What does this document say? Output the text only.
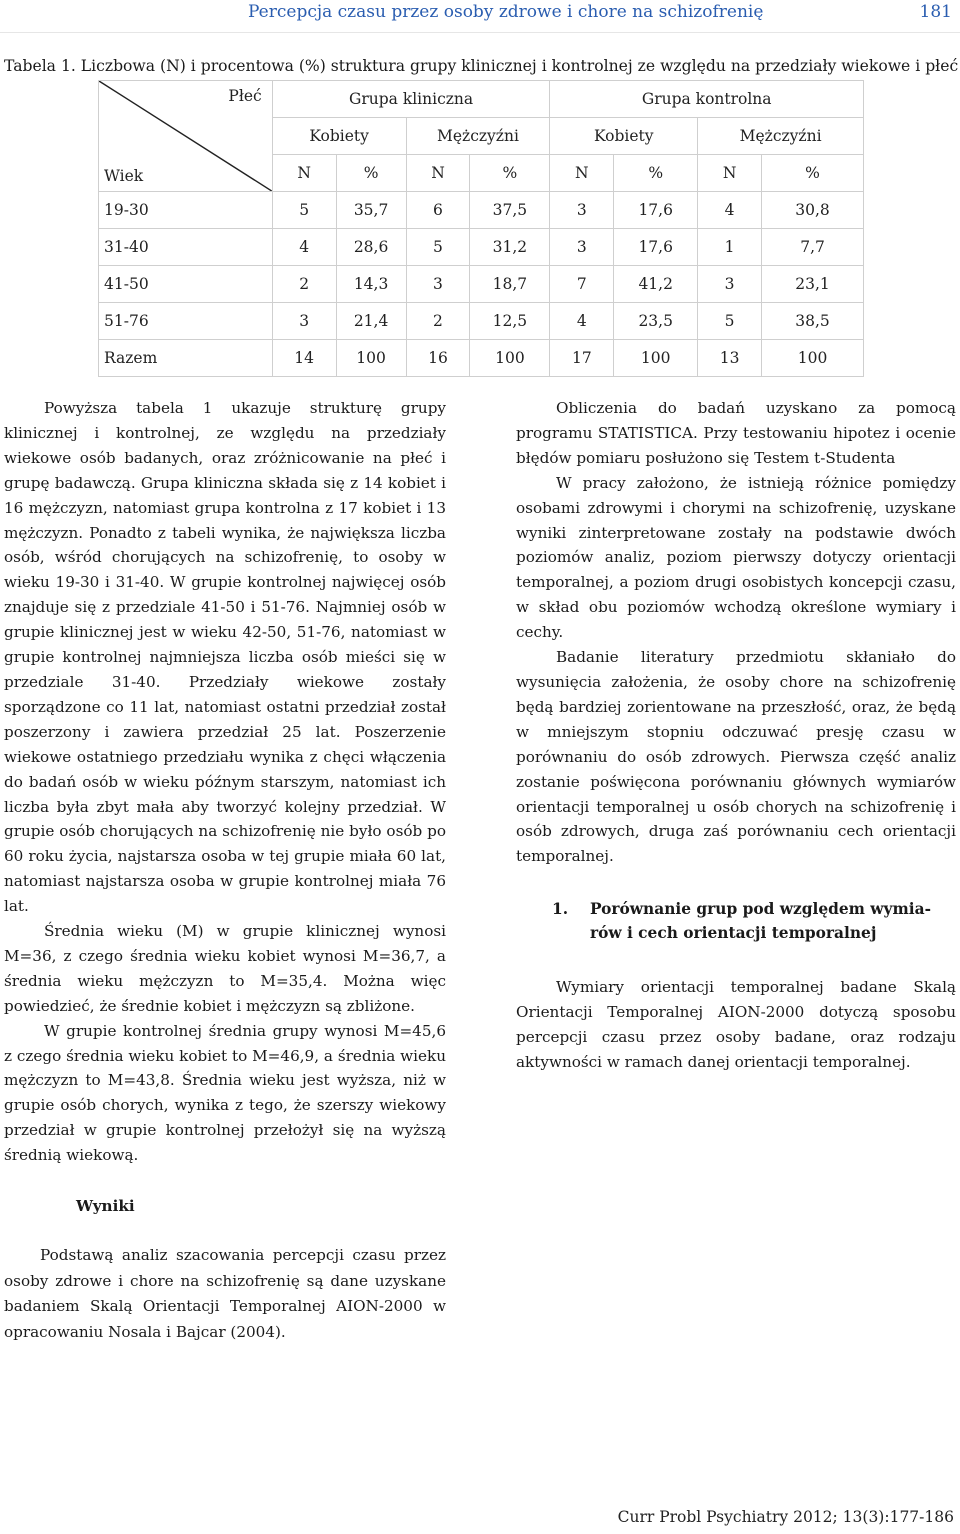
Percepcja czasu przez osoby zdrowe i chore na schizofrenię	181
Tabela 1. Liczbowa (N) i procentowa (%) struktura grupy klinicznej i kontrolnej ze względu na przedziały wiekowe i płeć
Płeć
Wiek	Grupa kliniczna				Grupa kontrolna			
	Kobiety		Mężczyźni		Kobiety		Mężczyźni	
	N	%	N	%	N	%	N	%
19-30	5	35,7	6	37,5	3	17,6	4	30,8
31-40	4	28,6	5	31,2	3	17,6	1	7,7
41-50	2	14,3	3	18,7	7	41,2	3	23,1
51-76	3	21,4	2	12,5	4	23,5	5	38,5
Razem	14	100	16	100	17	100	13	100

Powyższa tabela 1 ukazuje strukturę grupy klinicznej i kontrolnej, ze względu na przedziały wiekowe osób badanych, oraz zróżnicowanie na płeć i grupę badawczą. Grupa kliniczna składa się z 14 kobiet i 16 mężczyzn, natomiast grupa kontrolna z 17 kobiet i 13 mężczyzn. Ponadto z tabeli wynika, że największa liczba osób, wśród chorujących na schizofrenię, to osoby w wieku 19-30 i 31-40. W grupie kontrolnej najwięcej osób znajduje się z przedziale 41-50 i 51-76. Najmniej osób w grupie klinicznej jest w wieku 42-50, 51-76, natomiast w grupie kontrolnej najmniejsza liczba osób mieści się w przedziale 31-40. Przedziały wiekowe zostały sporządzone co 11 lat, natomiast ostatni przedział został poszerzony i zawiera przedział 25 lat. Poszerzenie wiekowe ostatniego przedziału wynika z chęci włączenia do badań osób w wieku późnym starszym, natomiast ich liczba była zbyt mała aby tworzyć kolejny przedział. W grupie osób chorujących na schizofrenię nie było osób po 60 roku życia, najstarsza osoba w tej grupie miała 60 lat, natomiast najstarsza osoba w grupie kontrolnej miała 76 lat.

Średnia wieku (M) w grupie klinicznej wynosi M=36, z czego średnia wieku kobiet wynosi M=36,7, a średnia wieku mężczyzn to M=35,4. Można więc powiedzieć, że średnie kobiet i mężczyzn są zbliżone.

W grupie kontrolnej średnia grupy wynosi M=45,6 z czego średnia wieku kobiet to M=46,9, a średnia wieku mężczyzn to M=43,8. Średnia wieku jest wyższa, niż w grupie osób chorych, wynika z tego, że szerszy wiekowy przedział w grupie kontrolnej przełożył się na wyższą średnią wiekową.

Wyniki

Podstawą analiz szacowania percepcji czasu przez osoby zdrowe i chore na schizofrenię są dane uzyskane badaniem Skalą Orientacji Temporalnej AION-2000 w opracowaniu Nosala i Bajcar (2004).

Obliczenia do badań uzyskano za pomocą programu STATISTICA. Przy testowaniu hipotez i ocenie błędów pomiaru posłużono się Testem t-Studenta

W pracy założono, że istnieją różnice pomiędzy osobami zdrowymi i chorymi na schizofrenię, uzyskane wyniki zinterpretowane zostały na podstawie dwóch poziomów analiz, poziom pierwszy dotyczy orientacji temporalnej, a poziom drugi osobistych koncepcji czasu, w skład obu poziomów wchodzą określone wymiary i cechy.

Badanie literatury przedmiotu skłaniało do wysunięcia założenia, że osoby chore na schizofrenię będą bardziej zorientowane na przeszłość, oraz, że będą w mniejszym stopniu odczuwać presję czasu w porównaniu do osób zdrowych. Pierwsza część analiz zostanie poświęcona porównaniu głównych wymiarów orientacji temporalnej u osób chorych na schizofrenię i osób zdrowych, druga zaś porównaniu cech orientacji temporalnej.

1. Porównanie grup pod względem wymia-
rów i cech orientacji temporalnej

Wymiary orientacji temporalnej badane Skalą Orientacji Temporalnej AION-2000 dotyczą sposobu percepcji czasu przez osoby badane, oraz rodzaju aktywności w ramach danej orientacji temporalnej.

Curr Probl Psychiatry 2012; 13(3):177-186
